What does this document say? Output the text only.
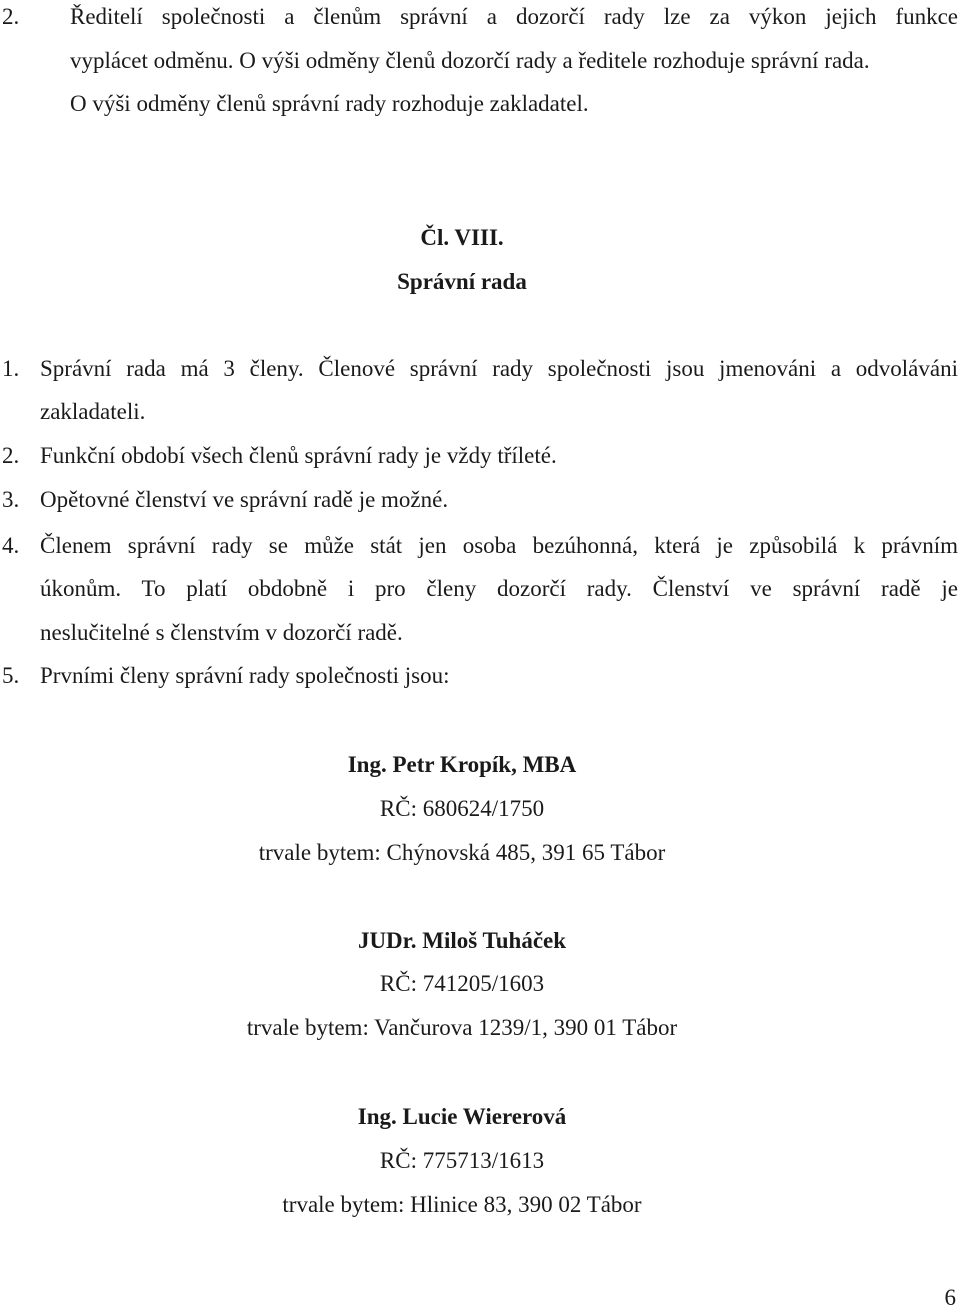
2. Ředitelí společnosti a členům správní a dozorčí rady lze za výkon jejich funkce
vyplácet odměnu. O výši odměny členů dozorčí rady a ředitele rozhoduje správní rada.
O výši odměny členů správní rady rozhoduje zakladatel.
Čl. VIII.
Správní rada
1. Správní rada má 3 členy. Členové správní rady společnosti jsou jmenováni a odvoláváni
zakladateli.
2. Funkční období všech členů správní rady je vždy tříleté.
3. Opětovné členství ve správní radě je možné.
4. Členem správní rady se může stát jen osoba bezúhonná, která je způsobilá k právním
úkonům. To platí obdobně i pro členy dozorčí rady. Členství ve správní radě je
neslučitelné s členstvím v dozorčí radě.
5. Prvními členy správní rady společnosti jsou:
Ing. Petr Kropík, MBA
RČ: 680624/1750
trvale bytem: Chýnovská 485, 391 65 Tábor
JUDr. Miloš Tuháček
RČ: 741205/1603
trvale bytem: Vančurova 1239/1, 390 01 Tábor
Ing. Lucie Wiererová
RČ: 775713/1613
trvale bytem: Hlinice 83, 390 02 Tábor
6
